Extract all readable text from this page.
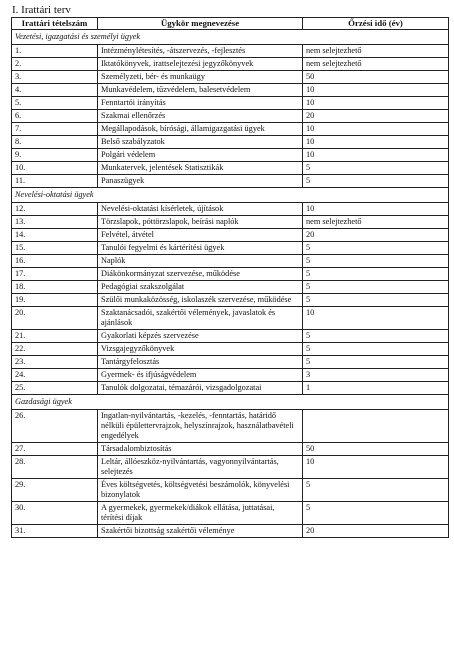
I. Irattári terv
Irattári tételszám	Ügykör megnevezése	Őrzési idő (év)
Vezetési, igazgatási és személyi ügyek		
1.	Intézménylétesítés, -átszervezés, -fejlesztés	nem selejtezhető
2.	Iktatókönyvek, irattselejtezési jegyzőkönyvek	nem selejtezhető
3.	Személyzeti, bér- és munkaügy	50
4.	Munkavédelem, tűzvédelem, balesetvédelem	10
5.	Fenntartói irányítás	10
6.	Szakmai ellenőrzés	20
7.	Megállapodások, bírósági, államigazgatási ügyek	10
8.	Belső szabályzatok	10
9.	Polgári védelem	10
10.	Munkatervek, jelentések Statisztikák	5
11.	Panaszügyek	5
Nevelési-oktatási ügyek		
12.	Nevelési-oktatási kísérletek, újítások	10
13.	Törzslapok, póttörzslapok, beírási naplók	nem selejtezhető
14.	Felvétel, átvétel	20
15.	Tanulói fegyelmi és kártérítési ügyek	5
16.	Naplók	5
17.	Diákönkormányzat szervezése, működése	5
18.	Pedagógiai szakszolgálat	5
19.	Szülői munkaközösség, iskolaszék szervezése, működése	5
20.	Szaktanácsadói, szakértői vélemények, javaslatok és ajánlások	10
21.	Gyakorlati képzés szervezése	5
22.	Vizsgajegyzőkönyvek	5
23.	Tantárgyfelosztás	5
24.	Gyermek- és ifjúságvédelem	3
25.	Tanulók dolgozatai, témazárói, vizsgadolgozatai	1
Gazdasági ügyek		
26.	Ingatlan-nyilvántartás, -kezelés, -fenntartás, határidő nélküli épülettervrajzok, helyszínrajzok, használatbavételi engedélyek	
27.	Társadalombiztosítás	50
28.	Leltár, állóeszköz-nyilvántartás, vagyonnyilvántartás, selejtezés	10
29.	Éves költségvetés, költségvetési beszámolók, könyvelési bizonylatok	5
30.	A gyermekek, gyermekek/diákok ellátása, juttatásai, térítési díjak	5
31.	Szakértői bizottság szakértői véleménye	20
